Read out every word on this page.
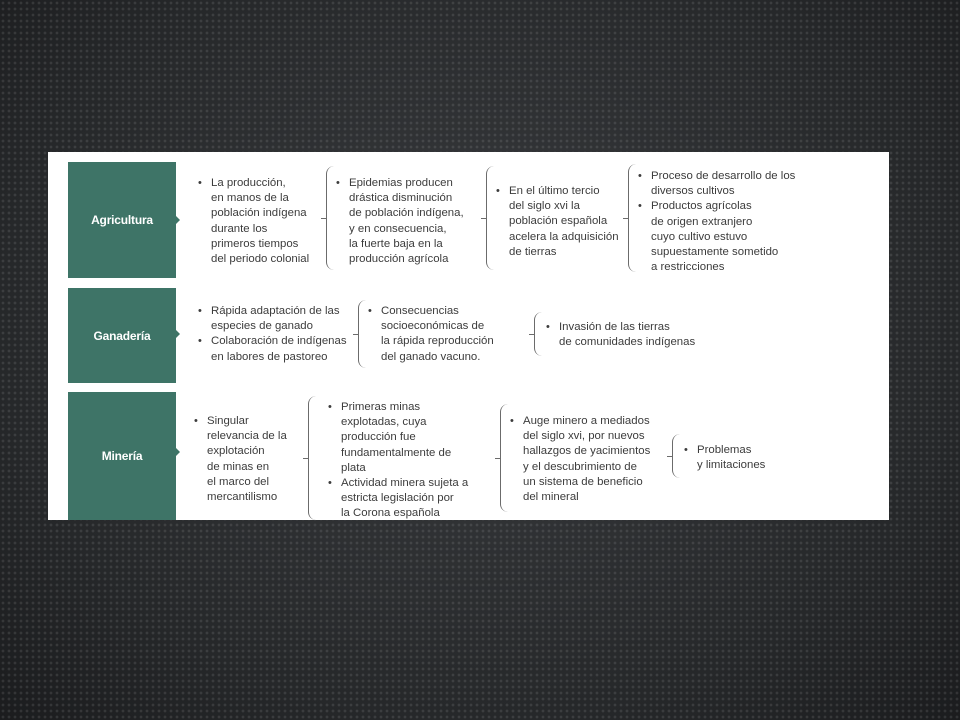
Agricultura
• La producción,
en manos de la
población indígena
durante los
primeros tiempos
del periodo colonial
• Epidemias producen
drástica disminución
de población indígena,
y en consecuencia,
la fuerte baja en la
producción agrícola
• En el último tercio
del siglo xvi la
población española
acelera la adquisición
de tierras
• Proceso de desarrollo de los
diversos cultivos
• Productos agrícolas
de origen extranjero
cuyo cultivo estuvo
supuestamente sometido
a restricciones
Ganadería
• Rápida adaptación de las
especies de ganado
• Colaboración de indígenas
en labores de pastoreo
• Consecuencias
socioeconómicas de
la rápida reproducción
del ganado vacuno.
• Invasión de las tierras
de comunidades indígenas
Minería
• Singular
relevancia de la
explotación
de minas en
el marco del
mercantilismo
• Primeras minas
explotadas, cuya
producción fue
fundamentalmente de
plata
• Actividad minera sujeta a
estricta legislación por
la Corona española
• Auge minero a mediados
del siglo xvi, por nuevos
hallazgos de yacimientos
y el descubrimiento de
un sistema de beneficio
del mineral
• Problemas
y limitaciones
